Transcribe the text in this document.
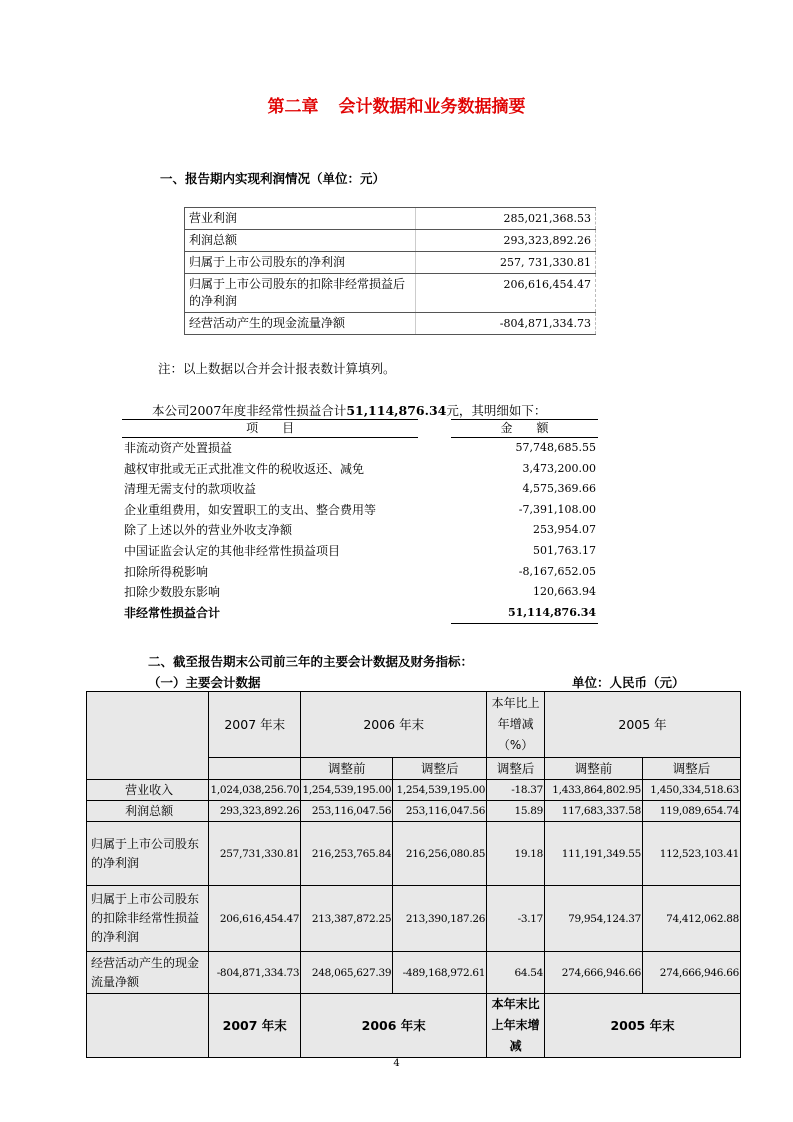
第二章 会计数据和业务数据摘要
一、报告期内实现利润情况（单位：元）
营业利润	285,021,368.53
利润总额	293,323,892.26
归属于上市公司股东的净利润	257, 731,330.81
归属于上市公司股东的扣除非经常损益后的净利润	206,616,454.47
经营活动产生的现金流量净额	-804,871,334.73
注：以上数据以合并会计报表数计算填列。
本公司2007年度非经常性损益合计51,114,876.34元，其明细如下：
项　　目		金　　额
非流动资产处置损益		57,748,685.55
越权审批或无正式批准文件的税收返还、减免		3,473,200.00
清理无需支付的款项收益		4,575,369.66
企业重组费用，如安置职工的支出、整合费用等		-7,391,108.00
除了上述以外的营业外收支净额		253,954.07
中国证监会认定的其他非经常性损益项目		501,763.17
扣除所得税影响		-8,167,652.05
扣除少数股东影响		120,663.94
非经常性损益合计		51,114,876.34
二、截至报告期末公司前三年的主要会计数据及财务指标：
（一）主要会计数据	单位：人民币（元）
	2007 年末	2006 年末		本年比上年增减（%）	2005 年	
		调整前	调整后	调整后	调整前	调整后
营业收入	1,024,038,256.70	1,254,539,195.00	1,254,539,195.00	-18.37	1,433,864,802.95	1,450,334,518.63
利润总额	293,323,892.26	253,116,047.56	253,116,047.56	15.89	117,683,337.58	119,089,654.74
归属于上市公司股东的净利润	257,731,330.81	216,253,765.84	216,256,080.85	19.18	111,191,349.55	112,523,103.41
归属于上市公司股东的扣除非经常性损益的净利润	206,616,454.47	213,387,872.25	213,390,187.26	-3.17	79,954,124.37	74,412,062.88
经营活动产生的现金流量净额	-804,871,334.73	248,065,627.39	-489,168,972.61	64.54	274,666,946.66	274,666,946.66
	2007 年末	2006 年末		本年末比上年末增减	2005 年末	
4
